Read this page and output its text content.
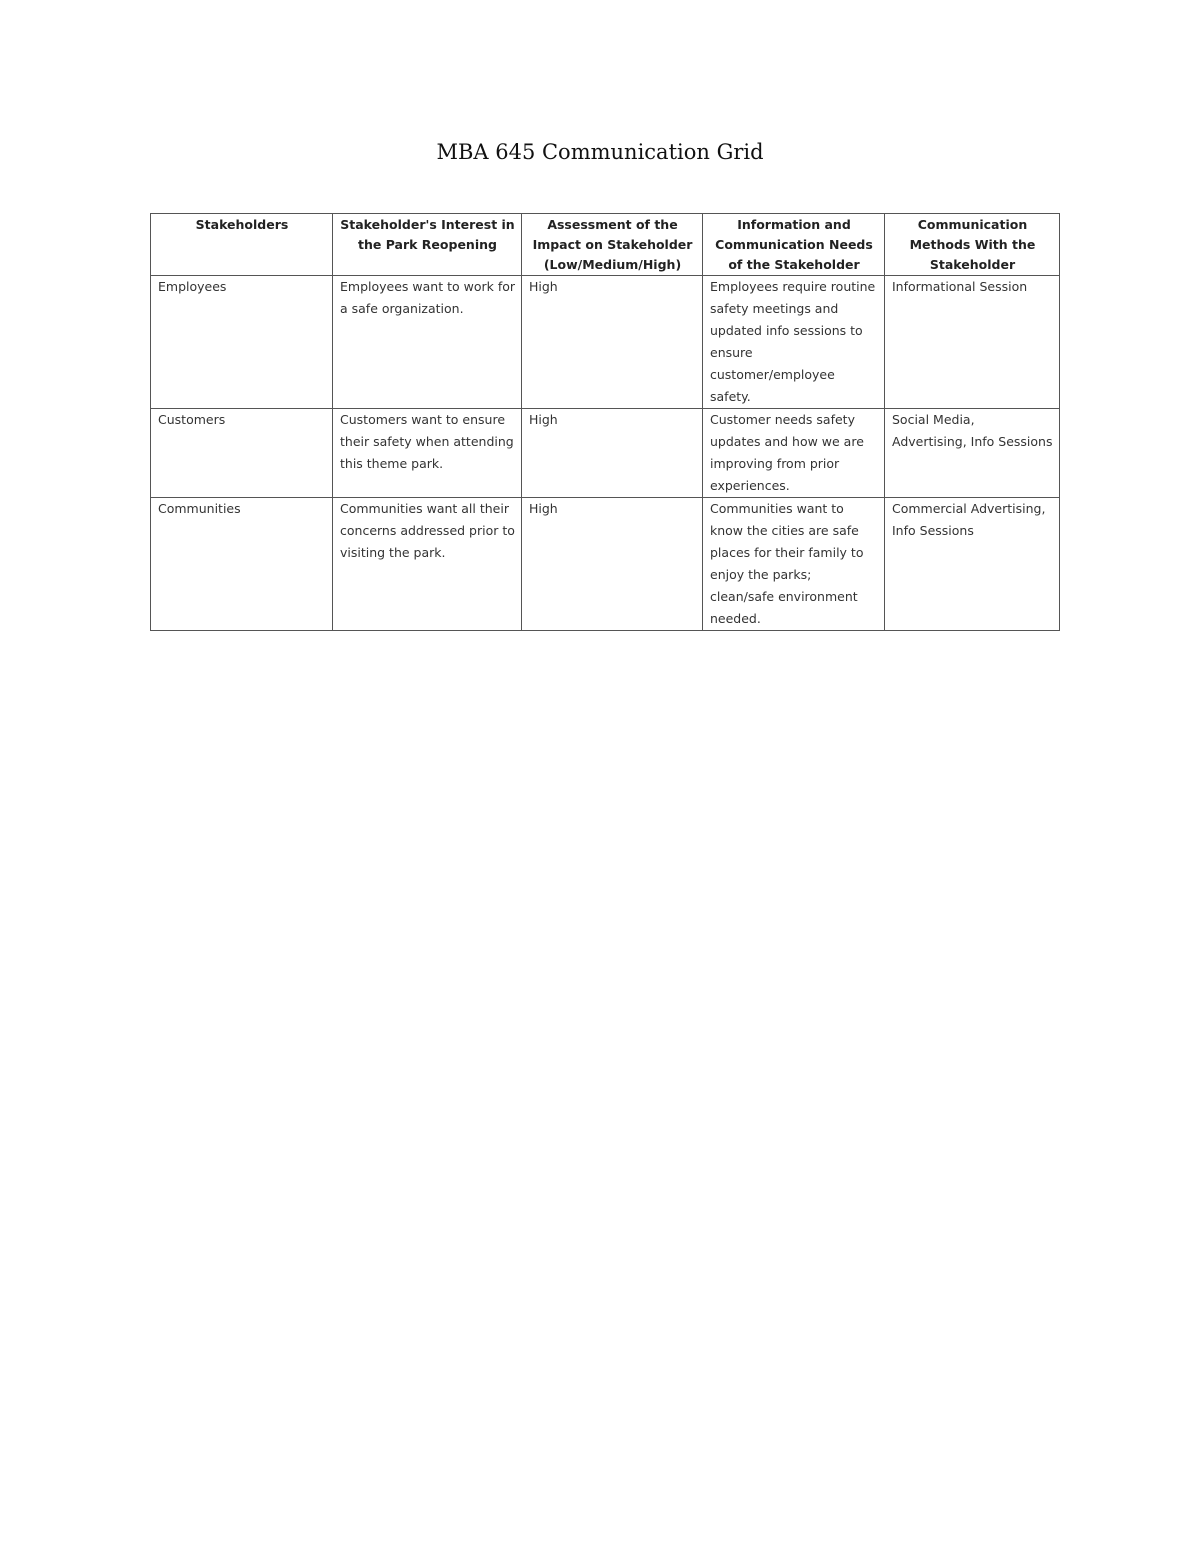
MBA 645 Communication Grid
Stakeholders	Stakeholder's Interest in the Park Reopening	Assessment of the Impact on Stakeholder (Low/Medium/High)	Information and Communication Needs of the Stakeholder	Communication Methods With the Stakeholder
Employees	Employees want to work for a safe organization.	High	Employees require routine safety meetings and updated info sessions to ensure customer/employee safety.	Informational Session
Customers	Customers want to ensure their safety when attending this theme park.	High	Customer needs safety updates and how we are improving from prior experiences.	Social Media, Advertising, Info Sessions
Communities	Communities want all their concerns addressed prior to visiting the park.	High	Communities want to know the cities are safe places for their family to enjoy the parks; clean/safe environment needed.	Commercial Advertising, Info Sessions
